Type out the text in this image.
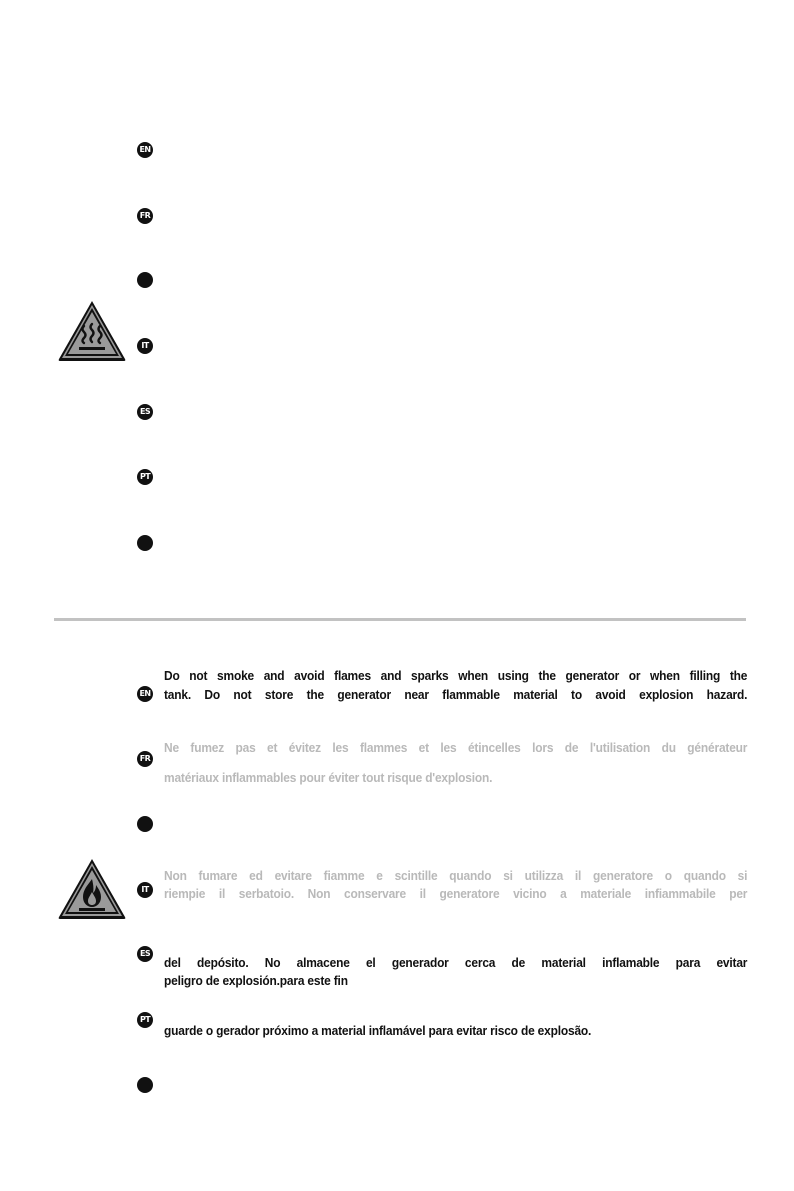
EN
FR
IT
ES
PT
EN
FR
IT
ES
PT

Do not smoke and avoid flames and sparks when using the generator or when filling the

tank. Do not store the generator near flammable material to avoid explosion hazard.

Ne fumez pas et évitez les flammes et les étincelles lors de l'utilisation du générateur

matériaux inflammables pour éviter tout risque d'explosion.

Non fumare ed evitare fiamme e scintille quando si utilizza il generatore o quando si

riempie il serbatoio. Non conservare il generatore vicino a materiale infiammabile per

del depósito. No almacene el generador cerca de material inflamable para evitar

peligro de explosión.para este fin

guarde o gerador próximo a material inflamável para evitar risco de explosão.
